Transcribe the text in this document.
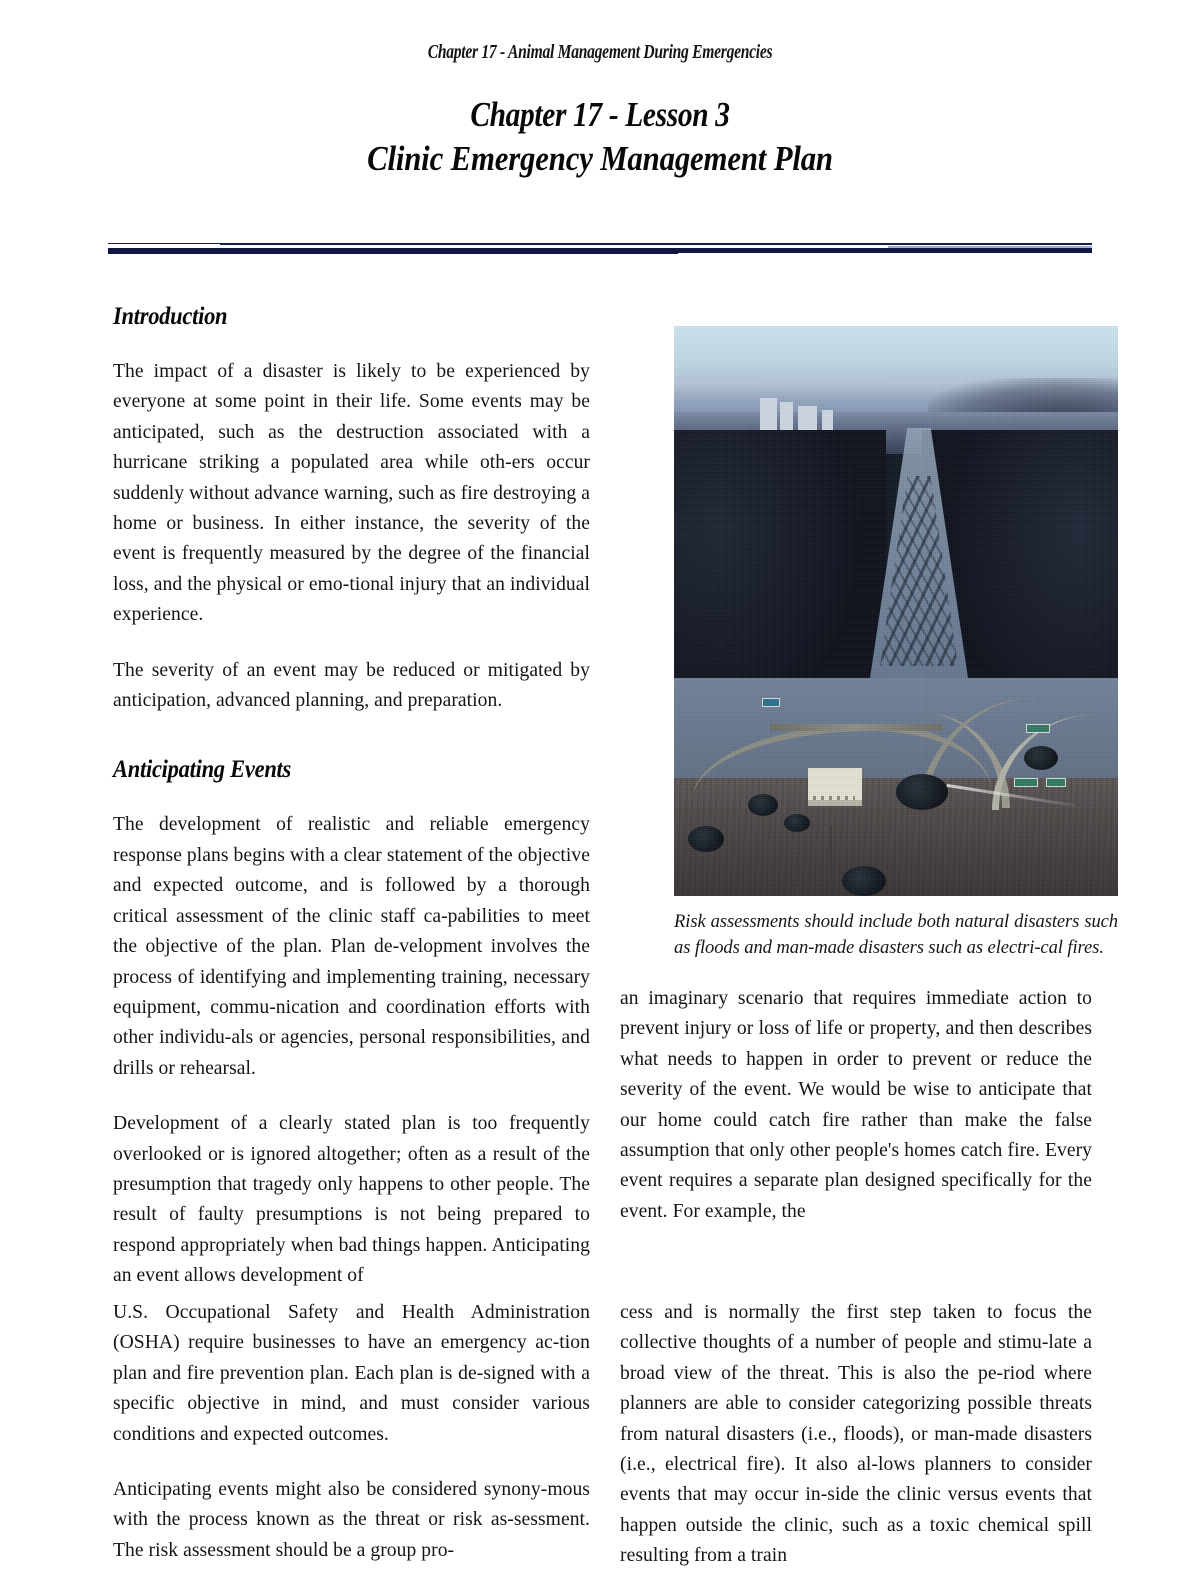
Chapter 17 - Animal Management During Emergencies
Chapter 17 - Lesson 3
Clinic Emergency Management Plan
Introduction

The impact of a disaster is likely to be experienced by everyone at some point in their life. Some events may be anticipated, such as the destruction associated with a hurricane striking a populated area while oth-ers occur suddenly without advance warning, such as fire destroying a home or business. In either instance, the severity of the event is frequently measured by the degree of the financial loss, and the physical or emo-tional injury that an individual experience.

The severity of an event may be reduced or mitigated by anticipation, advanced planning, and preparation.

Anticipating Events

The development of realistic and reliable emergency response plans begins with a clear statement of the objective and expected outcome, and is followed by a thorough critical assessment of the clinic staff ca-pabilities to meet the objective of the plan. Plan de-velopment involves the process of identifying and implementing training, necessary equipment, commu-nication and coordination efforts with other individu-als or agencies, personal responsibilities, and drills or rehearsal.

Development of a clearly stated plan is too frequently overlooked or is ignored altogether; often as a result of the presumption that tragedy only happens to other people. The result of faulty presumptions is not being prepared to respond appropriately when bad things happen. Anticipating an event allows development of

Risk assessments should include both natural disasters such as floods and man-made disasters such as electri-cal fires.

an imaginary scenario that requires immediate action to prevent injury or loss of life or property, and then describes what needs to happen in order to prevent or reduce the severity of the event. We would be wise to anticipate that our home could catch fire rather than make the false assumption that only other people's homes catch fire. Every event requires a separate plan designed specifically for the event. For example, the

U.S. Occupational Safety and Health Administration (OSHA) require businesses to have an emergency ac-tion plan and fire prevention plan. Each plan is de-signed with a specific objective in mind, and must consider various conditions and expected outcomes.

Anticipating events might also be considered synony-mous with the process known as the threat or risk as-sessment. The risk assessment should be a group pro-

cess and is normally the first step taken to focus the collective thoughts of a number of people and stimu-late a broad view of the threat. This is also the pe-riod where planners are able to consider categorizing possible threats from natural disasters (i.e., floods), or man-made disasters (i.e., electrical fire). It also al-lows planners to consider events that may occur in-side the clinic versus events that happen outside the clinic, such as a toxic chemical spill resulting from a train
